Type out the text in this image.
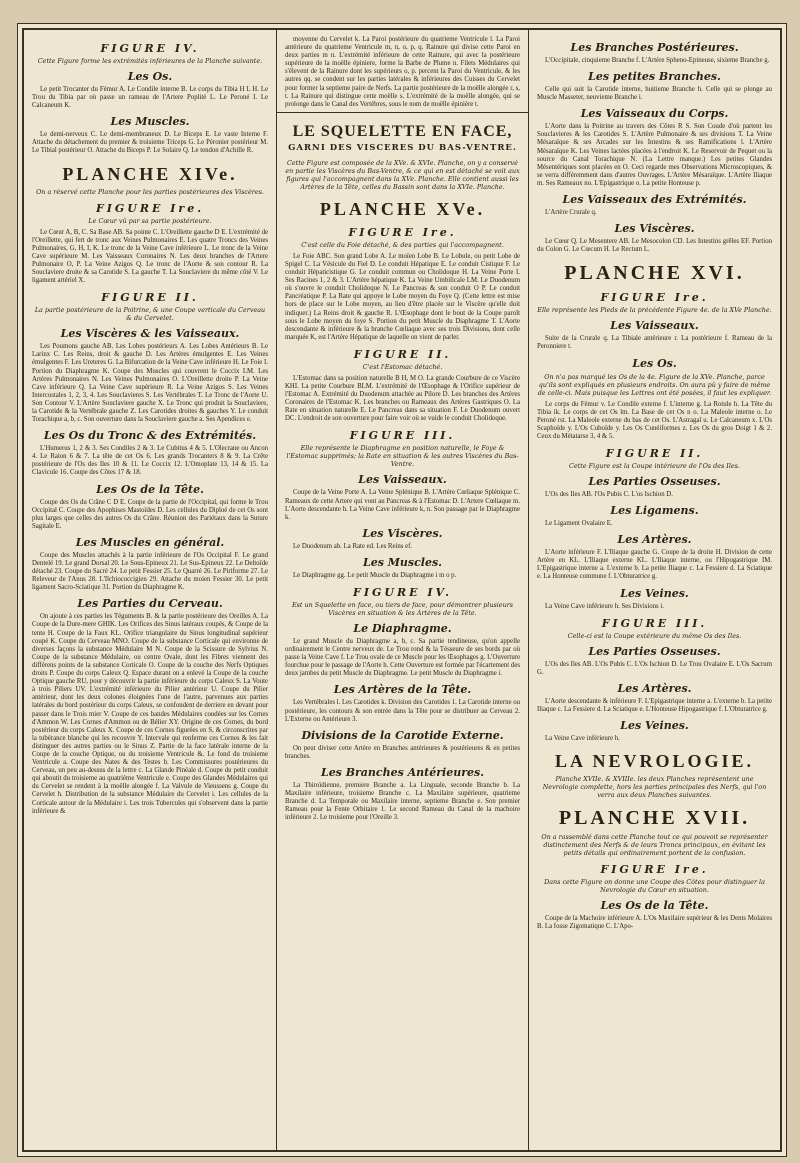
FIGURE IV.
Cette Figure forme les extrémités inférieures de la Planche suivante.
Les Os.

Le petit Trocanter du Fémur A. Le Condile interne B. Le corps du Tibia H L H. Le Trou du Tibia par où passe un rameau de l'Artere Poplité L. Le Peroné I. Le Calcaneum K.

Les Muscles.

Le demi-nerveux C. Le demi-membraneux D. Le Biceps E. Le vaste Interne F. Attache du détachement du premier & troisieme Triceps G. Le Péronier postérieur M. Le Tibial postérieur O. Attache du Biceps P. Le Solaire Q. Le tendon d'Achille R.

PLANCHE XIVe.
On a réservé cette Planche pour les parties postérieures des Viscères.
FIGURE Ire.
Le Cœur vû par sa partie postérieure.

Le Cœur A, B, C. Sa Base AB. Sa pointe C. L'Oreillette gauche D E. L'extrémité de l'Oreillette, qui fert de tronc aux Veines Pulmonaires E. Les quatre Troncs des Veines Pulmonaires, G, H, I, K. Le tronc de la Veine Cave inférieure L. Le tronc de la Veine Cave supérieure M. Les Vaisseaux Coronaires N. Les deux branches de l'Artere Pulmonaire O, P. La Veine Azigos Q. Le tronc de l'Aorte & son contour R. La Souclaviere droite & sa Carotide S. La gauche T. La Souclaviere du même côté V. Le ligament artériel X.

FIGURE II.
La partie postérieure de la Poitrine, & une Coupe verticale du Cerveau & du Cervelet.
Les Viscères & les Vaisseaux.

Les Poumons gauche AB. Les Lobes postérieurs A. Les Lobes Antérieurs B. Le Larinx C. Les Reins, droit & gauche D. Les Artères émulgentes E. Les Veines émulgentes F. Les Ureteres G. La Bifurcation de la Veine Cave inférieure H. Le Foie I. Portion du Diaphragme K. Coupe des Muscles qui couvrent le Coccix LM. Les Artères Pulmonaires N. Les Veines Pulmonaires O. L'Oreillette droite P. La Veine Cave inférieure Q. La Veine Cave supérieure R. La Veine Azigos S. Les Veines Intercostales 1, 2, 3, 4. Les Souclavieres S. Les Vertébrales T. Le Tronc de l'Aorte U. Son Contour V. L'Artère Souclaviere gauche X. Le Tronc qui produit la Souclaviere, la Carotide & la Vertébrale gauche Z. Les Carotides droites & gauches Y. Le conduit Torachique a, b, c. Son ouverture dans la Souclaviere gauche a. Ses Apendices e.

Les Os du Tronc & des Extrémités.

L'Humerus 1, 2 & 3. Ses Condiles 2 & 3. Le Cubitus 4 & 5. L'Olecrane ou Ancon 4. Le Raion 6 & 7. La tête de cet Os 6. Les grands Trocanters 8 & 9. La Crête postérieure de l'Os des Iles 10 & 11. Le Coccix 12. L'Omoplate 13, 14 & 15. La Clavicule 16. Coupe des Côtes 17 & 18.

Les Os de la Tête.

Coupe des Os du Crâne C D E. Coupe de la partie de l'Occipital, qui forme le Trou Occipital C. Coupe des Apophises Mastoïdes D. Les cellules du Diploé de cet Os sont plus larges que celles des autres Os du Crâne. Réunion des Pariétaux dans la Suture Sagitale E.

Les Muscles en général.

Coupe des Muscles attachés à la partie inférieure de l'Os Occipital F. Le grand Dentelé 19. Le grand Dorsal 20. Le Sous-Epineux 21. Le Sus-Epineux 22. Le Deltoïde détaché 23. Coupe du Sacré 24. Le petit Fessier 25. Le Quarré 26. Le Piriforme 27. Le Releveur de l'Anus 28. L'Ilchiococcigien 29. Attache du moien Fessier 30. Le petit ligament Sacro-Sciatique 31. Portion du Diaphragme K.

Les Parties du Cerveau.

On ajoute à ces parties les Téguments B. & la partie postérieure des Oreilles A. La Coupe de la Dure-mere GHIK. Les Orifices des Sinus latéraux coupés, & Coupe de la tente H. Coupe de la Faux KL. Orifice triangulaire du Sinus longitudinal supérieur coupé K. Coupe du Cerveau MNO. Coupe de la substance Corticale qui environne de diverses façons la substance Médulaire M N. Coupe de la Scissure de Sylvius N. Coupe de la substance Médulaire, ou centre Ovale, dont les Fibres viennent des différens points de la substance Corticale O. Coupe de la couche des Nerfs Optiques droits P. Coupe du corps Caleux Q. Espace durant on a enlevé la Coupe de la couche Optique gauche RU, pour y découvrir la partie inférieure du corps Caleux S. La Voute à trois Piliers UV. L'extrémité inférieure du Pilier antérieur U. Coupe du Pilier antérieur, dont les deux colones éloignées l'une de l'autre, parvenues aux parties latérales du bord postérieur du corps Caleux, se confondent de derriere en devant pour passer dans le Trois mier V. Coupe de ces bandes Médulaires coudées sur les Cornes d'Ammon W. Les Cornes d'Ammon ou de Bélier XY. Origine de ces Cornes, du bord postérieur du corps Caleux X. Coupe de ces Cornes figurées en S, & circonscrites par la tubérance blanche qui les recouvre Y. Intervale qui renferme ces Cornes & les fait distinguer des autres parties ou le Sinus Z. Partie de la face latérale interne de la Coupe de la couche Optique, ou du troisieme Ventricule &. Le fond du troisieme Ventricule a. Coupe des Nates & des Testes b. Les Commissures postérieures du Cerveau, un peu au-dessus de la lettre c. La Glande Pinéale d. Coupe du petit conduit qui aboutit du troisieme au quatrième Ventricule e. Coupe des Glandes Médulaires qui du Cervelet se rendent à la moëlle alongée f. La Valvule de Vieussens g. Coupe du Cervelet h. Distribution de la substance Médulaire du Cervelet i. Les cellules de la Corticale autour de la Médulaire i. Les trois Tubercules qui s'observent dans la partie inférieure &

moyenne du Cervelet k. La Paroi postérieure du quatrieme Ventricule l. La Paroi antérieure du quatrieme Ventricule m, n, o, p, q. Rainure qui divise cette Paroi en deux parties m n. L'extrémité inférieure de cette Rainure, qui avec la postérieure supérieure de la moëlle épiniere, forme la Barbe de Plume n. Filets Médulaires qui s'élevent de la Rainure dont les supérieurs o, p. percent la Paroi du Ventricule, & les autres qq. se condent sur les parties latérales & inférieures des Cuisses du Cervelet pour former la septieme paire de Nerfs. La partie postérieure de la moëlle alongée r, s, t. La Rainure qui distingue cette moëlle s. L'extrémité de la moëlle alongée, qui se prolonge dans le Canal des Vertèbres, sous le nom de moëlle épinière t.

LE SQUELETTE EN FACE,
GARNI DES VISCERES DU BAS-VENTRE.
Cette Figure est composée de la XVe. & XVIe. Planche, on y a conservé en partie les Viscères du Bas-Ventre, & ce qui en est détaché se voit aux figures qui l'accompagnent dans la XVe. Planche. Elle contient aussi les Artères de la Tête, celles du Bassin sont dans la XVIe. Planche.
PLANCHE XVe.
FIGURE Ire.
C'est celle du Foie détaché, & des parties qui l'accompagnent.

Le Foie ABC. Son grand Lobe A. Le moïen Lobe B. Le Lobule, ou petit Lobe de Spigel C. La Vésicule du Fiel D. Le conduit Hépatique E. Le conduit Cistique F. Le conduit Hépaticistique G. Le conduit commun ou Cholidoque H. La Veine Porte I. Ses Racines 1, 2 & 3. L'Artère hépatique K. La Veine Umbilicale LM. Le Duodenum où s'ouvre le conduit Cholidoque N. Le Pancreas & son conduit O P. Le conduit Pancréatique P. La Rate qui appuye le Lobe moyen du Foye Q. (Cette lettre est mise hors de place sur le Lobe moyen, au lieu d'être placée sur le Viscère qu'elle doit indiquer.) La Reins droit & gauche R. L'Œsophage dont le bout de la Coupe paroît sous le Lobe moyen du foye S. Portion du petit Muscle du Diaphragme T. L'Aorte descendante & inférieure & la branche Cœliaque avec ses trois Divisions, dont celle marquée K, est l'Artère Hépatique de laquelle on vient de parler.

FIGURE II.
C'est l'Estomac détaché.

L'Estomac dans sa position naturelle B H, M O. La grande Courbure de ce Viscère KHI. La petite Courbure BLM. L'extrémité de l'Œsophage & l'Orifice supérieur de l'Estomac A. Extrémité du Duodenum attachée au Pilore D. Les branches des Artères Coronaires de l'Estomac K. Les branches ou Rameaux des Artères Gastriques O. La Rate en situation naturelle E. Le Pancreas dans sa situation F. Le Duodenum ouvert DC. L'endroit de son ouverture pour faire voir où se vuide le conduit Cholidoque.

FIGURE III.
Elle représente le Diaphragme en position naturelle, le Foye & l'Estomac supprimés; la Rate en situation & les autres Viscères du Bas-Ventre.
Les Vaisseaux.

Coupe de la Veine Porte A. La Veine Splénique B. L'Artère Cœliaque Splénique C. Rameaux de cette Artere qui vont au Pancreas & à l'Estomac D. L'Artere Cœliaque m. L'Aorte descendante h. La Veine Cave inférieure k, n. Son passage par le Diaphragme k.

Les Viscères.

Le Duodenum ab. La Rate ed. Les Reins ef.

Les Muscles.

Le Diaphragme gg. Le petit Muscle du Diaphragme i m o p.

FIGURE IV.
Est un Squelette en face, ou tiers de face, pour démontrer plusieurs Viscères en situation & les Artères de la Tête.
Le Diaphragme.

Le grand Muscle du Diaphragme a, b, c. Sa partie tendineuse, qu'on appelle ordinairement le Centre nerveux de. Le Trou rond & la Tésseure de ses bords par où passe la Veine Cave f. Le Trou ovale de ce Muscle pour les Œsophages g. L'Ouverture fourchue pour le passage de l'Aorte h. Cette Ouverture est formée par l'écartement des deux jambes du petit Muscle du Diaphragme. Le petit Muscle du Diaphragme i.

Les Artères de la Tête.

Les Vertébrales l. Les Carotides k. Division des Carotides 1. La Carotide interne ou postérieure, les contours & son entrée dans la Tête pour se distribuer au Cerveau 2. L'Externe ou Antérieure 3.

Divisions de la Carotide Externe.

On peut diviser cette Artère en Branches antérieures & postérieures & en petites branches.

Les Branches Antérieures.

La Thiroïdienne, premiere Branche a. La Linguale, seconde Branche b. La Maxilaire inférieure, troisieme Branche c. La Maxilaire supérieure, quatrieme Branche d. La Temporale ou Maxilaire interne, septieme Branche e. Son premier Rameau pour la Fente Orbitaire 1. Le second Rameau du Canal de la machoire inférieure 2. Le troisieme pour l'Oreille 3.

Les Branches Postérieures.

L'Occipitale, cinquieme Branche f. L'Artère Spheno-Epineuse, sixieme Branche g.

Les petites Branches.

Celle qui suit la Carotide interne, huitieme Branche h. Celle qui se plonge au Muscle Masseter, neuvieme Branche i.

Les Vaisseaux du Corps.

L'Aorte dans la Poitrine au travers des Côtes R S. Son Coude d'où partent les Souclavieres & les Carotides S. L'Artère Pulmonaire & ses divisions T. La Veine Mésaraïque & ses Arcades sur les Intestins & ses Ramifications l. L'Artère Mésaraïque K. Les Veines lactées placées à l'endroit K. Le Reservoir de Pequet ou la source du Canal Torachique N. (La Lettre manque.) Les petites Glandes Mésentériques sont placées en O. Ceci regarde mes Observations Microscopiques, & se verra différemment dans d'autres Ouvrages. L'Artère Mésaraïque. L'Artère Iliaque m. Ses Rameaux no. L'Epigastrique o. La petite Honteuse p.

Les Vaisseaux des Extrémités.

L'Artère Crurale q.

Les Viscères.

Le Cœur Q. Le Mesentere AB. Le Mesocolon CD. Les Intestins grêles EF. Portion du Colon G. Le Cœcum H. Le Rectum L.

PLANCHE XVI.
FIGURE Ire.
Elle représente les Pieds de la précédente Figure 4e. de la XVe Planche.
Les Vaisseaux.

Suite de la Crurale q. La Tibiale antérieure r. La postérieure f. Rameau de la Peronniere t.

Les Os.
On n'a pas marqué les Os de la 4e. Figure de la XVe. Planche, parce qu'ils sont expliqués en plusieurs endroits. On aura pû y faire de même de celle-ci. Mais puisque les Lettres ont été posées, il faut les expliquer.

Le corps du Fémur v. Le Condile externe f. L'interne g. La Rotule h. La Tête du Tibia ik. Le corps de cet Os lm. La Base de cet Os n o. La Maleole interne o. Le Peroné rst. La Maleole externe du bas de cet Os. L'Astragal u. Le Calcaneum x. L'Os Scaphoïde y. L'Os Cuboïde y. Les Os Cunéiformes z. Les Os du gros Doigt 1 & 2. Ceux du Métatarse 3, 4 & 5.

FIGURE II.
Cette Figure est la Coupe intérieure de l'Os des Iles.
Les Parties Osseuses.

L'Os des Iles AB. l'Os Pubis C. L'os Ischion D.

Les Ligamens.

Le Ligament Ovalaire E.

Les Artères.

L'Aorte inférieure F. L'Iliaque gauche G. Coupe de la droite H. Division de cette Artère en KL. L'Iliaque externe KL. L'Iliaque interne, ou l'Hipogastrique IM. L'Epigastrique interne a. L'externe b. La petite Iliaque c. La Fessiere d. La Sciatique e. La Honteuse commune f. L'Obturatrice g.

Les Veines.

La Veine Cave inférieure h. Ses Divisions i.

FIGURE III.
Celle-ci est la Coupe extérieure du même Os des Iles.
Les Parties Osseuses.

L'Os des Iles AB. L'Os Pubis C. L'Os Ischion D. Le Trou Ovalaire E. L'Os Sacrum G.

Les Artères.

L'Aorte descendante & inférieure F. L'Epigastrique interne a. L'externe b. La petite Iliaque c. La Fessiere d. La Sciatique e. L'Honteuse Hipogastrique f. L'Obturatrice g.

Les Veines.

La Veine Cave inférieure h.

LA NEVROLOGIE.
Planche XVIIe. & XVIIIe. les deux Planches représentent une Nevrologie complette, hors les parties principales des Nerfs, qui l'on verra aux deux Planches suivantes.
PLANCHE XVII.
On a rassemblé dans cette Planche tout ce qui pouvoit se représenter distinctement des Nerfs & de leurs Troncs principaux, en évitant les petits détails qui ordinairement portent de la confusion.
FIGURE Ire.
Dans cette Figure on donne une Coupe des Côtes pour distinguer la Nevrologie du Cœur en situation.
Les Os de la Tête.

Coupe de la Machoire inférieure A. L'Os Maxilaire supérieur & les Dents Molaires B. La fosse Zigomatique C. L'Apo-
